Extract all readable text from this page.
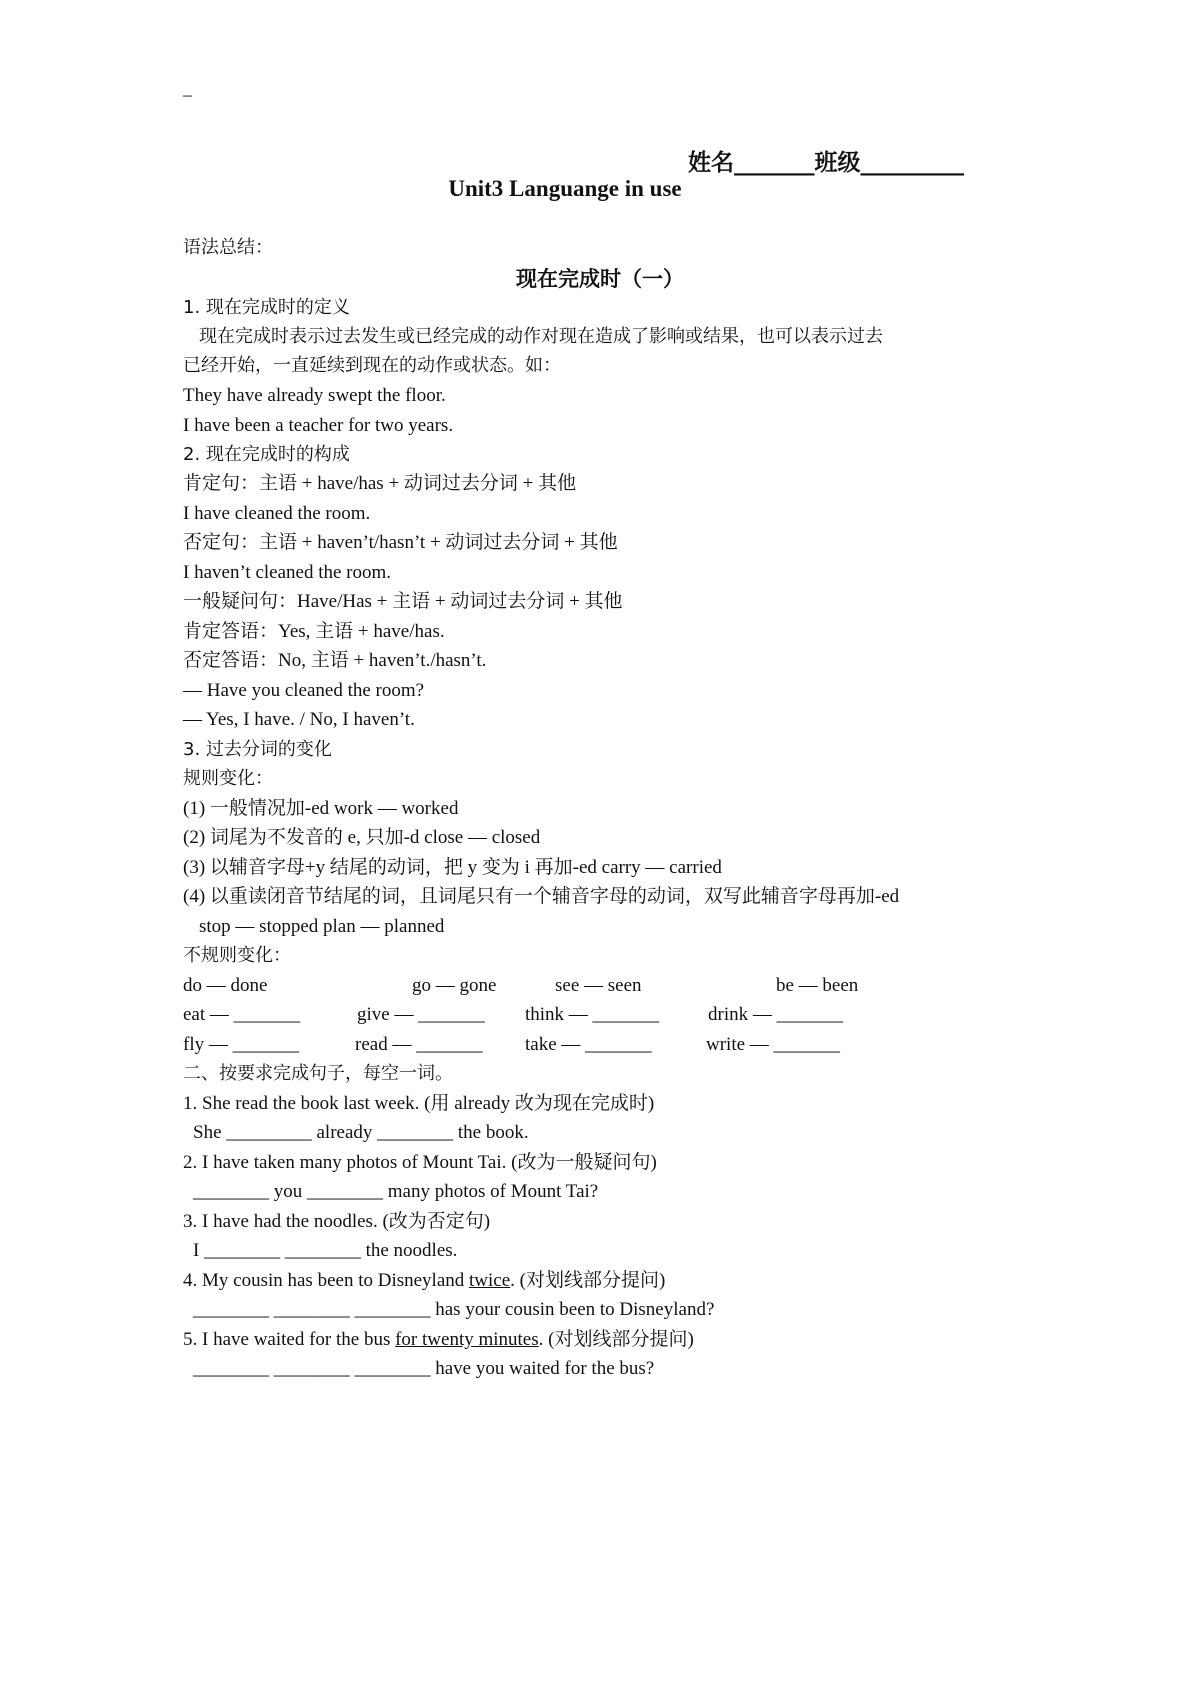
_
姓名_______班级_________
Unit3 Languange in use
语法总结：
现在完成时（一）
1. 现在完成时的定义
现在完成时表示过去发生或已经完成的动作对现在造成了影响或结果，也可以表示过去
已经开始，一直延续到现在的动作或状态。如：
They have already swept the floor.
I have been a teacher for two years.
2. 现在完成时的构成
肯定句：主语 + have/has + 动词过去分词 + 其他
I have cleaned the room.
否定句：主语 + haven’t/hasn’t + 动词过去分词 + 其他
I haven’t cleaned the room.
一般疑问句：Have/Has + 主语 + 动词过去分词 + 其他
肯定答语：Yes, 主语 + have/has.
否定答语：No, 主语 + haven’t./hasn’t.
— Have you cleaned the room?
— Yes, I have. / No, I haven’t.
3. 过去分词的变化
规则变化：
(1) 一般情况加-ed work — worked
(2) 词尾为不发音的 e, 只加-d close — closed
(3) 以辅音字母+y 结尾的动词，把 y 变为 i 再加-ed carry — carried
(4) 以重读闭音节结尾的词，且词尾只有一个辅音字母的动词，双写此辅音字母再加-ed
stop — stopped plan — planned
不规则变化：
do — done	go — gone	see — seen	be — been
eat — _______	give — _______ think — _______	drink — _______
fly — _______	read — _______ take — _______	write — _______
二、按要求完成句子，每空一词。
1. She read the book last week. (用 already 改为现在完成时)
She _________ already ________ the book.
2. I have taken many photos of Mount Tai. (改为一般疑问句)
________ you ________ many photos of Mount Tai?
3. I have had the noodles. (改为否定句)
I ________ ________ the noodles.
4. My cousin has been to Disneyland twice. (对划线部分提问)
________ ________ ________ has your cousin been to Disneyland?
5. I have waited for the bus for twenty minutes. (对划线部分提问)
________ ________ ________ have you waited for the bus?
